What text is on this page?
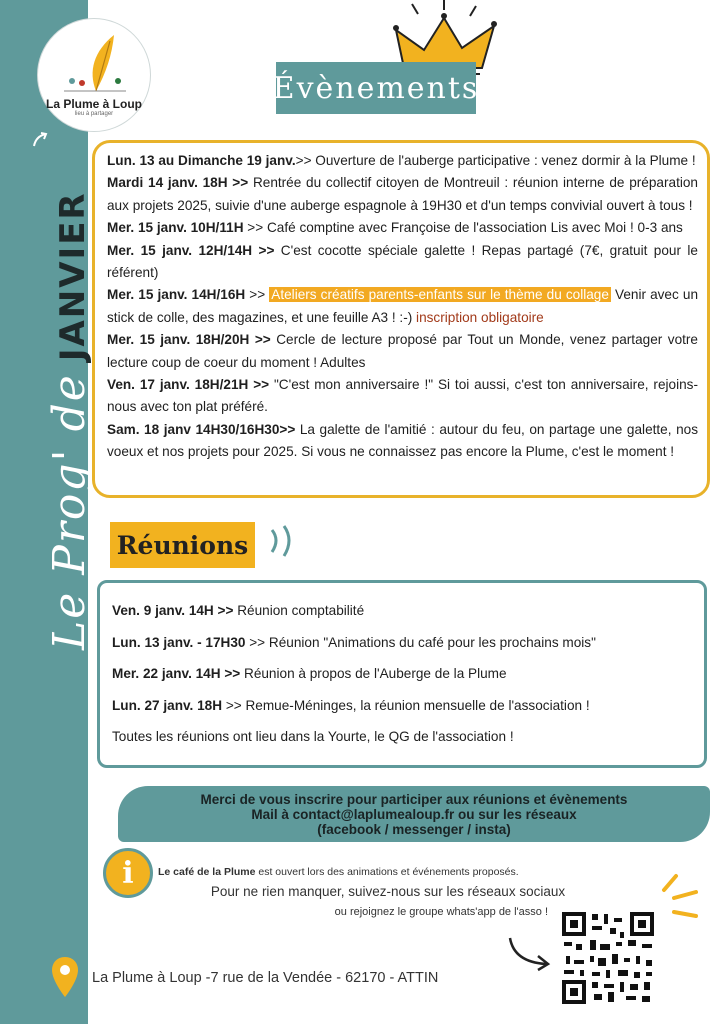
Le Prog' de
JANVIER
La Plume à Loup
lieu à partager
Évènements

Lun. 13 au Dimanche 19 janv.>> Ouverture de l'auberge participative : venez dormir à la Plume !

Mardi 14 janv. 18H >> Rentrée du collectif citoyen de Montreuil : réunion interne de préparation aux projets 2025, suivie d'une auberge espagnole à 19H30 et d'un temps convivial ouvert à tous !

Mer. 15 janv. 10H/11H >> Café comptine avec Françoise de l'association Lis avec Moi ! 0-3 ans

Mer. 15 janv. 12H/14H >> C'est cocotte spéciale galette ! Repas partagé (7€, gratuit pour le référent)

Mer. 15 janv. 14H/16H >> Ateliers créatifs parents-enfants sur le thème du collage Venir avec un stick de colle, des magazines, et une feuille A3 ! :-) inscription obligatoire

Mer. 15 janv. 18H/20H >> Cercle de lecture proposé par Tout un Monde, venez partager votre lecture coup de coeur du moment ! Adultes

Ven. 17 janv. 18H/21H >> "C'est mon anniversaire !" Si toi aussi, c'est ton anniversaire, rejoins-nous avec ton plat préféré.

Sam. 18 janv 14H30/16H30>> La galette de l'amitié : autour du feu, on partage une galette, nos voeux et nos projets pour 2025. Si vous ne connaissez pas encore la Plume, c'est le moment !

Réunions

Ven. 9 janv. 14H >> Réunion comptabilité

Lun. 13 janv. - 17H30 >> Réunion "Animations du café pour les prochains mois"

Mer. 22 janv. 14H >> Réunion à propos de l'Auberge de la Plume

Lun. 27 janv. 18H >> Remue-Méninges, la réunion mensuelle de l'association !

Toutes les réunions ont lieu dans la Yourte, le QG de l'association !

Merci de vous inscrire pour participer aux réunions et évènements
Mail à contact@laplumealoup.fr ou sur les réseaux
(facebook / messenger / insta)
i Le café de la Plume est ouvert lors des animations et événements proposés.
Pour ne rien manquer, suivez-nous sur les réseaux sociaux
ou rejoignez le groupe whats'app de l'asso !
La Plume à Loup -7 rue de la Vendée - 62170 - ATTIN
